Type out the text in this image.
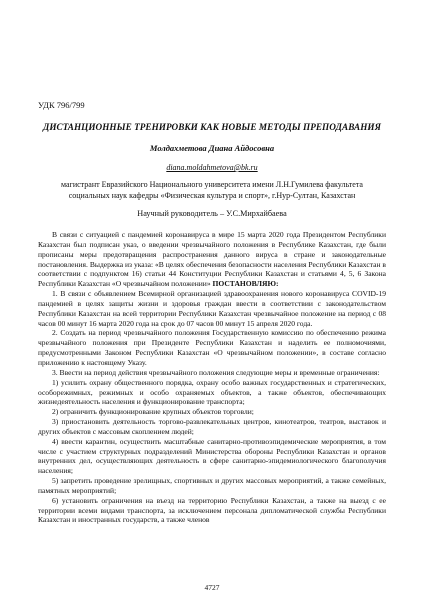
УДК 796/799
ДИСТАНЦИОННЫЕ ТРЕНИРОВКИ КАК НОВЫЕ МЕТОДЫ ПРЕПОДАВАНИЯ
Молдахметова Диана Айдосовна
diana.moldahmetova@bk.ru
магистрант Евразийского Национального университета имени Л.Н.Гумилева факультета
социальных наук кафедры «Физическая культура и спорт», г.Нур-Султан, Казахстан
Научный руководитель – У.С.Мирхайбаева

В связи с ситуацией с пандемией коронавируса в мире 15 марта 2020 года Президентом Республики Казахстан был подписан указ, о введении чрезвычайного положения в Республике Казахстан, где были прописаны меры предотвращения распространения данного вируса в стране и законодательные постановления. Выдержка из указа: «В целях обеспечения безопасности населения Республики Казахстан в соответствии с подпунктом 16) статьи 44 Конституции Республики Казахстан и статьями 4, 5, 6 Закона Республики Казахстан «О чрезвычайном положении» ПОСТАНОВЛЯЮ:

1. В связи с объявлением Всемирной организацией здравоохранения нового коронавируса COVID-19 пандемией в целях защиты жизни и здоровья граждан ввести в соответствии с законодательством Республики Казахстан на всей территории Республики Казахстан чрезвычайное положение на период с 08 часов 00 минут 16 марта 2020 года на срок до 07 часов 00 минут 15 апреля 2020 года.

2. Создать на период чрезвычайного положения Государственную комиссию по обеспечению режима чрезвычайного положения при Президенте Республики Казахстан и наделить ее полномочиями, предусмотренными Законом Республики Казахстан «О чрезвычайном положении», в составе согласно приложению к настоящему Указу.

3. Ввести на период действия чрезвычайного положения следующие меры и временные ограничения:

1) усилить охрану общественного порядка, охрану особо важных государственных и стратегических, особорежимных, режимных и особо охраняемых объектов, а также объектов, обеспечивающих жизнедеятельность населения и функционирование транспорта;

2) ограничить функционирование крупных объектов торговли;

3) приостановить деятельность торгово-развлекательных центров, кинотеатров, театров, выставок и других объектов с массовым скоплением людей;

4) ввести карантин, осуществить масштабные санитарно-противоэпидемические мероприятия, в том числе с участием структурных подразделений Министерства обороны Республики Казахстан и органов внутренних дел, осуществляющих деятельность в сфере санитарно-эпидемиологического благополучия населения;

5) запретить проведение зрелищных, спортивных и других массовых мероприятий, а также семейных, памятных мероприятий;

6) установить ограничения на въезд на территорию Республики Казахстан, а также на выезд с ее территории всеми видами транспорта, за исключением персонала дипломатической службы Республики Казахстан и иностранных государств, а также членов

4727
